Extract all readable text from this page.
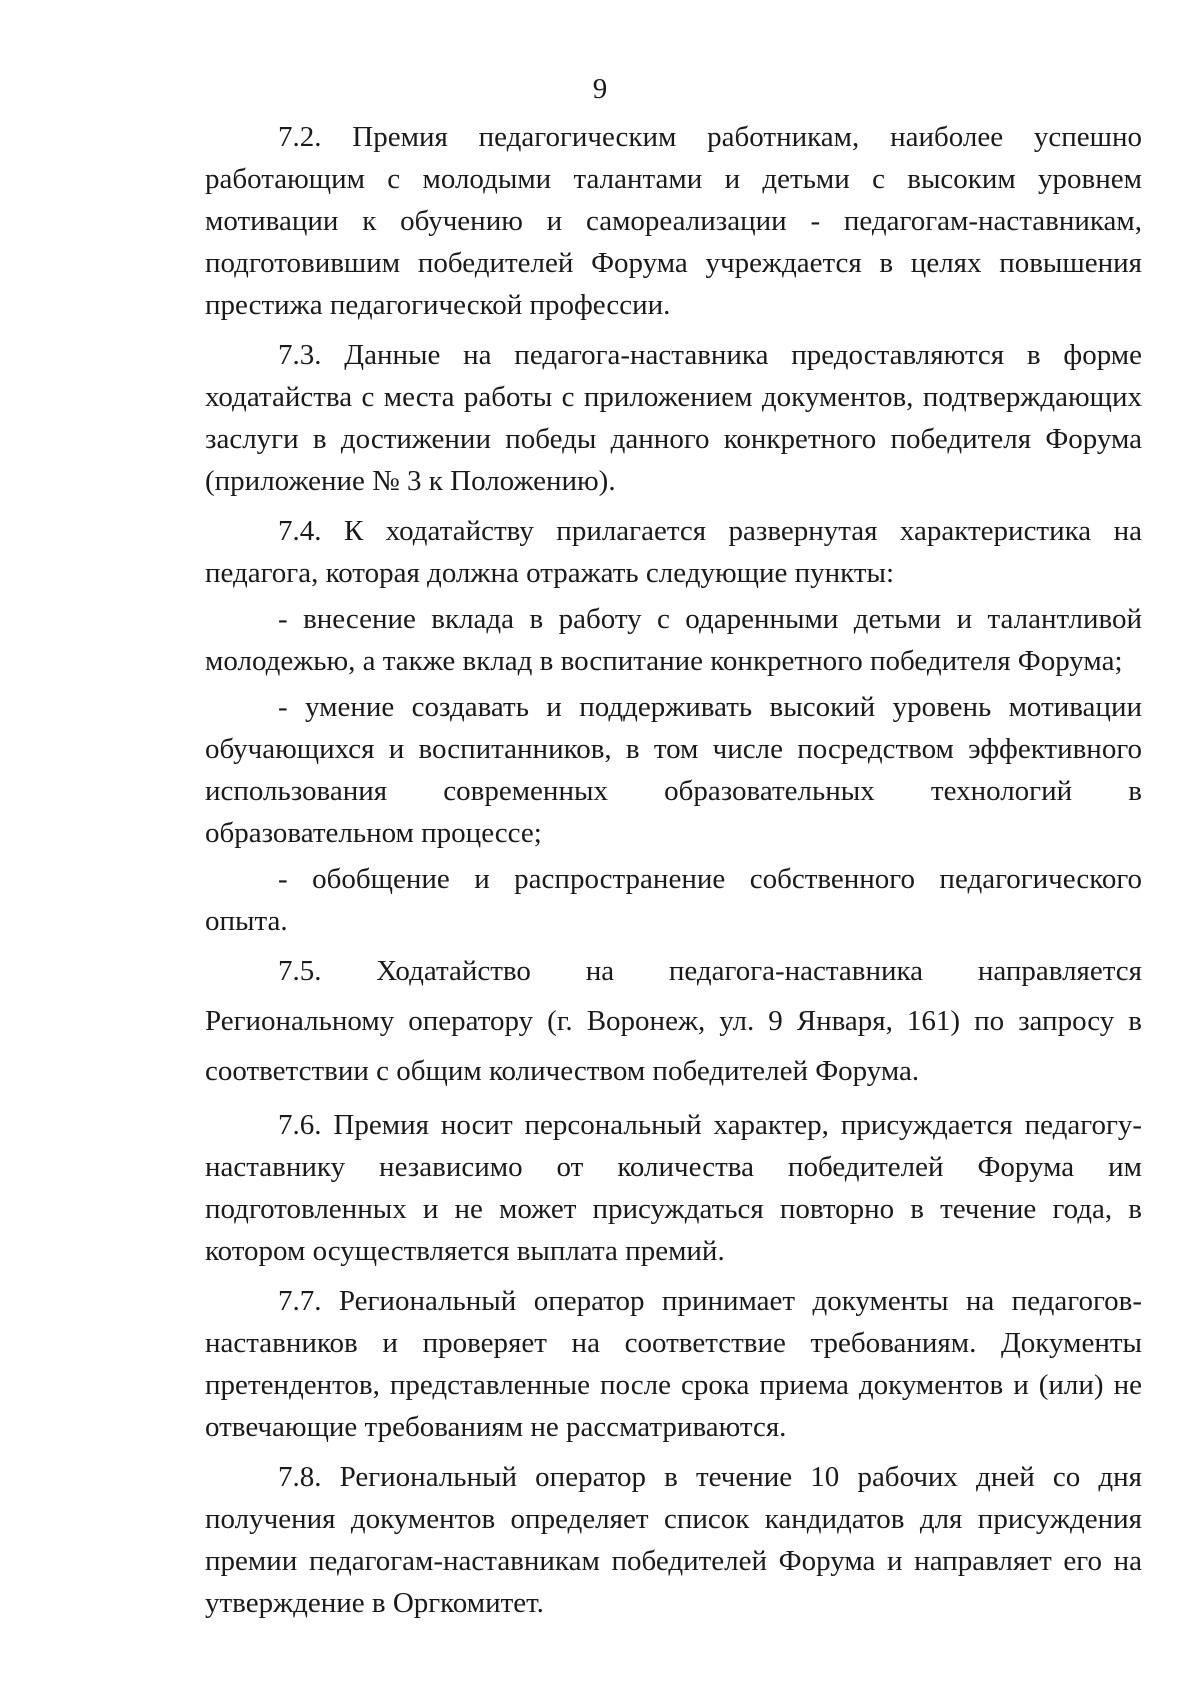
9

7.2. Премия педагогическим работникам, наиболее успешно работающим с молодыми талантами и детьми с высоким уровнем мотивации к обучению и самореализации - педагогам-наставникам, подготовившим победителей Форума учреждается в целях повышения престижа педагогической профессии.

7.3. Данные на педагога-наставника предоставляются в форме ходатайства с места работы с приложением документов, подтверждающих заслуги в достижении победы данного конкретного победителя Форума (приложение № 3 к Положению).

7.4. К ходатайству прилагается развернутая характеристика на педагога, которая должна отражать следующие пункты:

- внесение вклада в работу с одаренными детьми и талантливой молодежью, а также вклад в воспитание конкретного победителя Форума;

- умение создавать и поддерживать высокий уровень мотивации обучающихся и воспитанников, в том числе посредством эффективного использования современных образовательных технологий в образовательном процессе;

- обобщение и распространение собственного педагогического опыта.

7.5. Ходатайство на педагога-наставника направляется Региональному оператору (г. Воронеж, ул. 9 Января, 161) по запросу в соответствии с общим количеством победителей Форума.

7.6. Премия носит персональный характер, присуждается педагогу-наставнику независимо от количества победителей Форума им подготовленных и не может присуждаться повторно в течение года, в котором осуществляется выплата премий.

7.7. Региональный оператор принимает документы на педагогов-наставников и проверяет на соответствие требованиям. Документы претендентов, представленные после срока приема документов и (или) не отвечающие требованиям не рассматриваются.

7.8. Региональный оператор в течение 10 рабочих дней со дня получения документов определяет список кандидатов для присуждения премии педагогам-наставникам победителей Форума и направляет его на утверждение в Оргкомитет.
